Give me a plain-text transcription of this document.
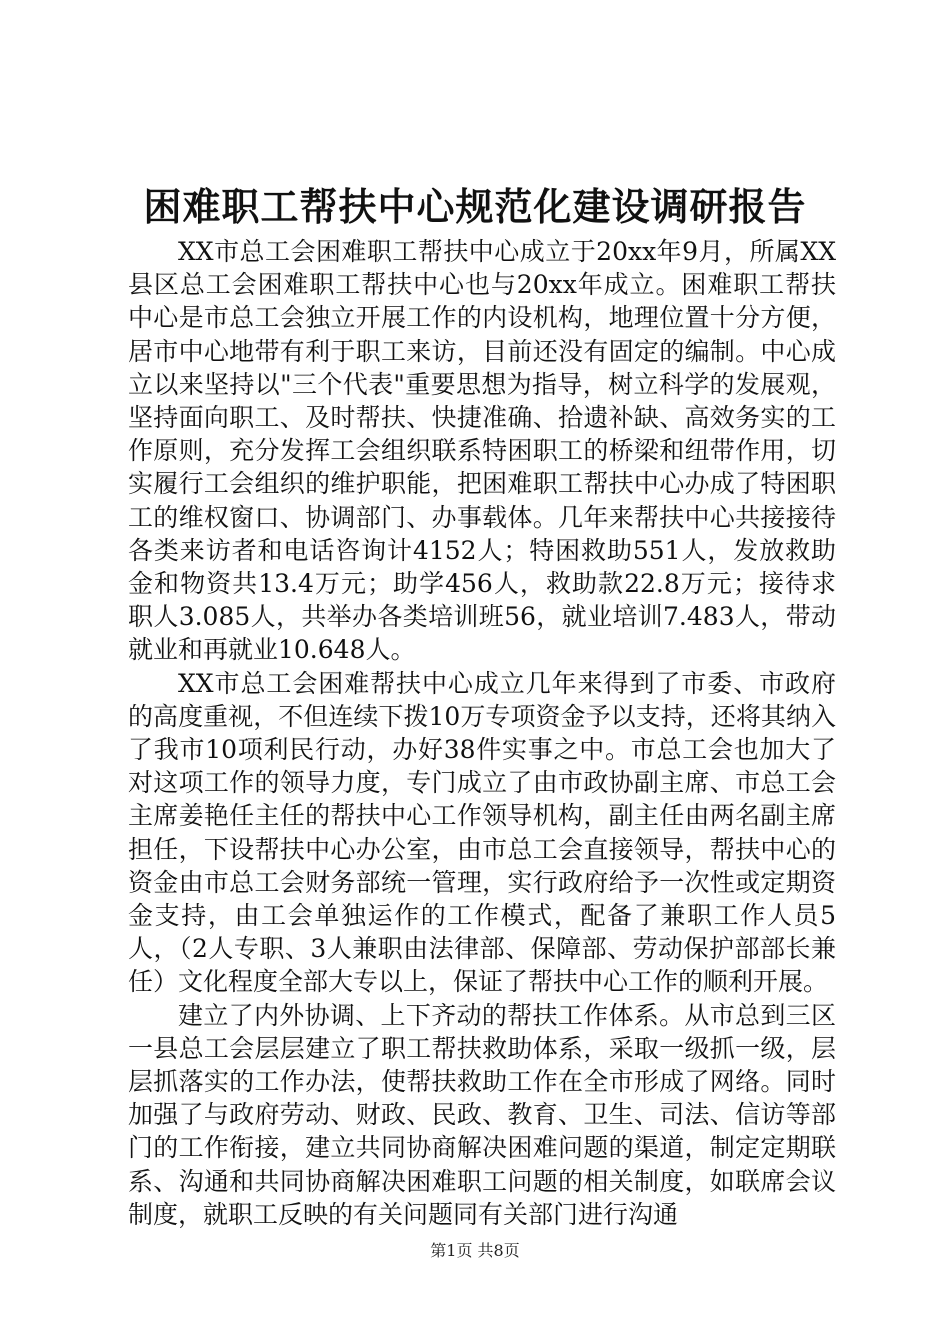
困难职工帮扶中心规范化建设调研报告

XX市总工会困难职工帮扶中心成立于20xx年9月，所属XX县区总工会困难职工帮扶中心也与20xx年成立。困难职工帮扶中心是市总工会独立开展工作的内设机构，地理位置十分方便，居市中心地带有利于职工来访，目前还没有固定的编制。中心成立以来坚持以"三个代表"重要思想为指导，树立科学的发展观，坚持面向职工、及时帮扶、快捷准确、拾遗补缺、高效务实的工作原则，充分发挥工会组织联系特困职工的桥梁和纽带作用，切实履行工会组织的维护职能，把困难职工帮扶中心办成了特困职工的维权窗口、协调部门、办事载体。几年来帮扶中心共接接待各类来访者和电话咨询计4152人；特困救助551人，发放救助金和物资共13.4万元；助学456人，救助款22.8万元；接待求职人3.085人，共举办各类培训班56，就业培训7.483人，带动就业和再就业10.648人。

XX市总工会困难帮扶中心成立几年来得到了市委、市政府的高度重视，不但连续下拨10万专项资金予以支持，还将其纳入了我市10项利民行动，办好38件实事之中。市总工会也加大了对这项工作的领导力度，专门成立了由市政协副主席、市总工会主席姜艳任主任的帮扶中心工作领导机构，副主任由两名副主席担任，下设帮扶中心办公室，由市总工会直接领导，帮扶中心的资金由市总工会财务部统一管理，实行政府给予一次性或定期资金支持，由工会单独运作的工作模式，配备了兼职工作人员5人，（2人专职、3人兼职由法律部、保障部、劳动保护部部长兼任）文化程度全部大专以上，保证了帮扶中心工作的顺利开展。

建立了内外协调、上下齐动的帮扶工作体系。从市总到三区一县总工会层层建立了职工帮扶救助体系，采取一级抓一级，层层抓落实的工作办法，使帮扶救助工作在全市形成了网络。同时加强了与政府劳动、财政、民政、教育、卫生、司法、信访等部门的工作衔接，建立共同协商解决困难问题的渠道，制定定期联系、沟通和共同协商解决困难职工问题的相关制度，如联席会议制度，就职工反映的有关问题同有关部门进行沟通

第1页 共8页
